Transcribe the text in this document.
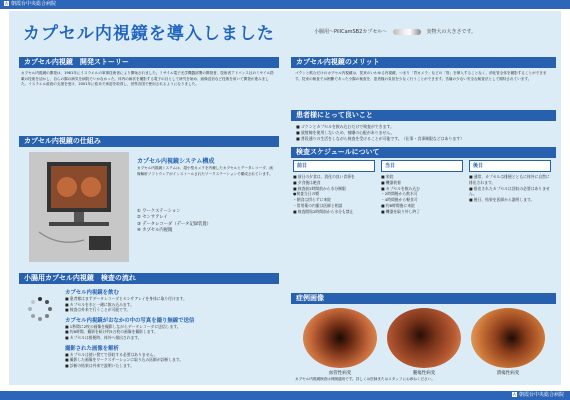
A 朝霞台中央総合病院
A 朝霞台中央総合病院
カプセル内視鏡を導入しました	小腸用〜PillCamSB2カプセル〜	実物大の大きさです。
カプセル内視鏡　開発ストーリー
カプセル内視鏡の開発は、1981年にイスラエルの軍事技術者により開始されました。ミサイル電子光学機器部署の開発者、技術者アドバンス社のミサイル搭載の技術を活かし、自らの腸の病気を病院でいかなかった。体内の病状を撮影する電子の目として研究を始め、画像送信など技術を用いて開発が進みました。イスラエル政府の支援を受け、2001年に欧米で承認を取得し、世界各国で使用されるようになりました。
カプセル内視鏡の仕組み
カプセル内視鏡システム構成
カプセル内視鏡システムは、超小型カメラを内蔵したカプセルとデータレコーダ、画像解析ソフトウェアがインストールされたワークステーションで構成されています。
① ワークステーション
② センサアレイ
③ データレコーダ（データ記録装置）
④ カプセル内視鏡
小腸用カプセル内視鏡　検査の流れ
カプセル内視鏡を飲む
■ 患者様はまずデータレコーダとセンサアレイを身体に取り付けます。
■ カプセルを水と一緒に飲み込みます。
■ 検査は外来で行うことが可能です。
カプセル内視鏡がおなかの中の写真を撮り無線で送信
■ 1秒間に2枚の画像を撮影しながらデータレコーダに送信します。
■ 約8時間、撮影を続け約5万枚の画像を撮影します。
■ カプセルは排便時、体外へ排出されます。
撮影された画像を解析
■ カプセルは使い捨てで回収する必要はありません。
■ 撮影した画像をワークステーションに取り込み医師が診断します。
■ 診断の結果は外来で説明いたします。
カプセル内視鏡のメリット
ゴクンと飲むだけのカプセル内視鏡は、従来のいわゆる内視鏡、つまり「胃カメラ」などの「管」を挿入することなく、消化管全体を撮影することができます。従来の検査では困難であった小腸の検査を、患者様の負担を少なく行うことができます。苦痛の少ない安全な検査法として期待されています。
患者様にとって良いこと
■ ゴクンとカプセルを飲み込むだけで検査ができます。
■ 放射線を使用しないため、被曝の心配がありません。
■ 普段通りの生活をしながら検査を受けることが可能です。（仕事・食事制限などはあります）
検査スケジュールについて
前日
■ 前日の夕食は、消化の良い食事を
■ 夕食後は絶食
■ 検査前2時間前から水分制限
●検査当日の朝
・朝食は摂らずに来院
・常用薬の内服は医師と相談
■ 検査開始2時間前から水分も禁止
当日
■ 来院
■ 機器装着
■ カプセルを飲み込む
・2時間後から飲水可
・4時間後から軽食可
■ 約8時間後に来院
■ 機器を取り外し終了
後日
■ 通常、カプセルは排便とともに体外に自然に排出されます。
■ 排出されたカプセルは回収の必要はありません。
■ 後日、結果を医師から説明します。
症例画像
血管性病変	腫瘍性病変	潰瘍性病変
カプセル内視鏡検査は保険適用です。詳しくは医師またはスタッフにお尋ねください。
